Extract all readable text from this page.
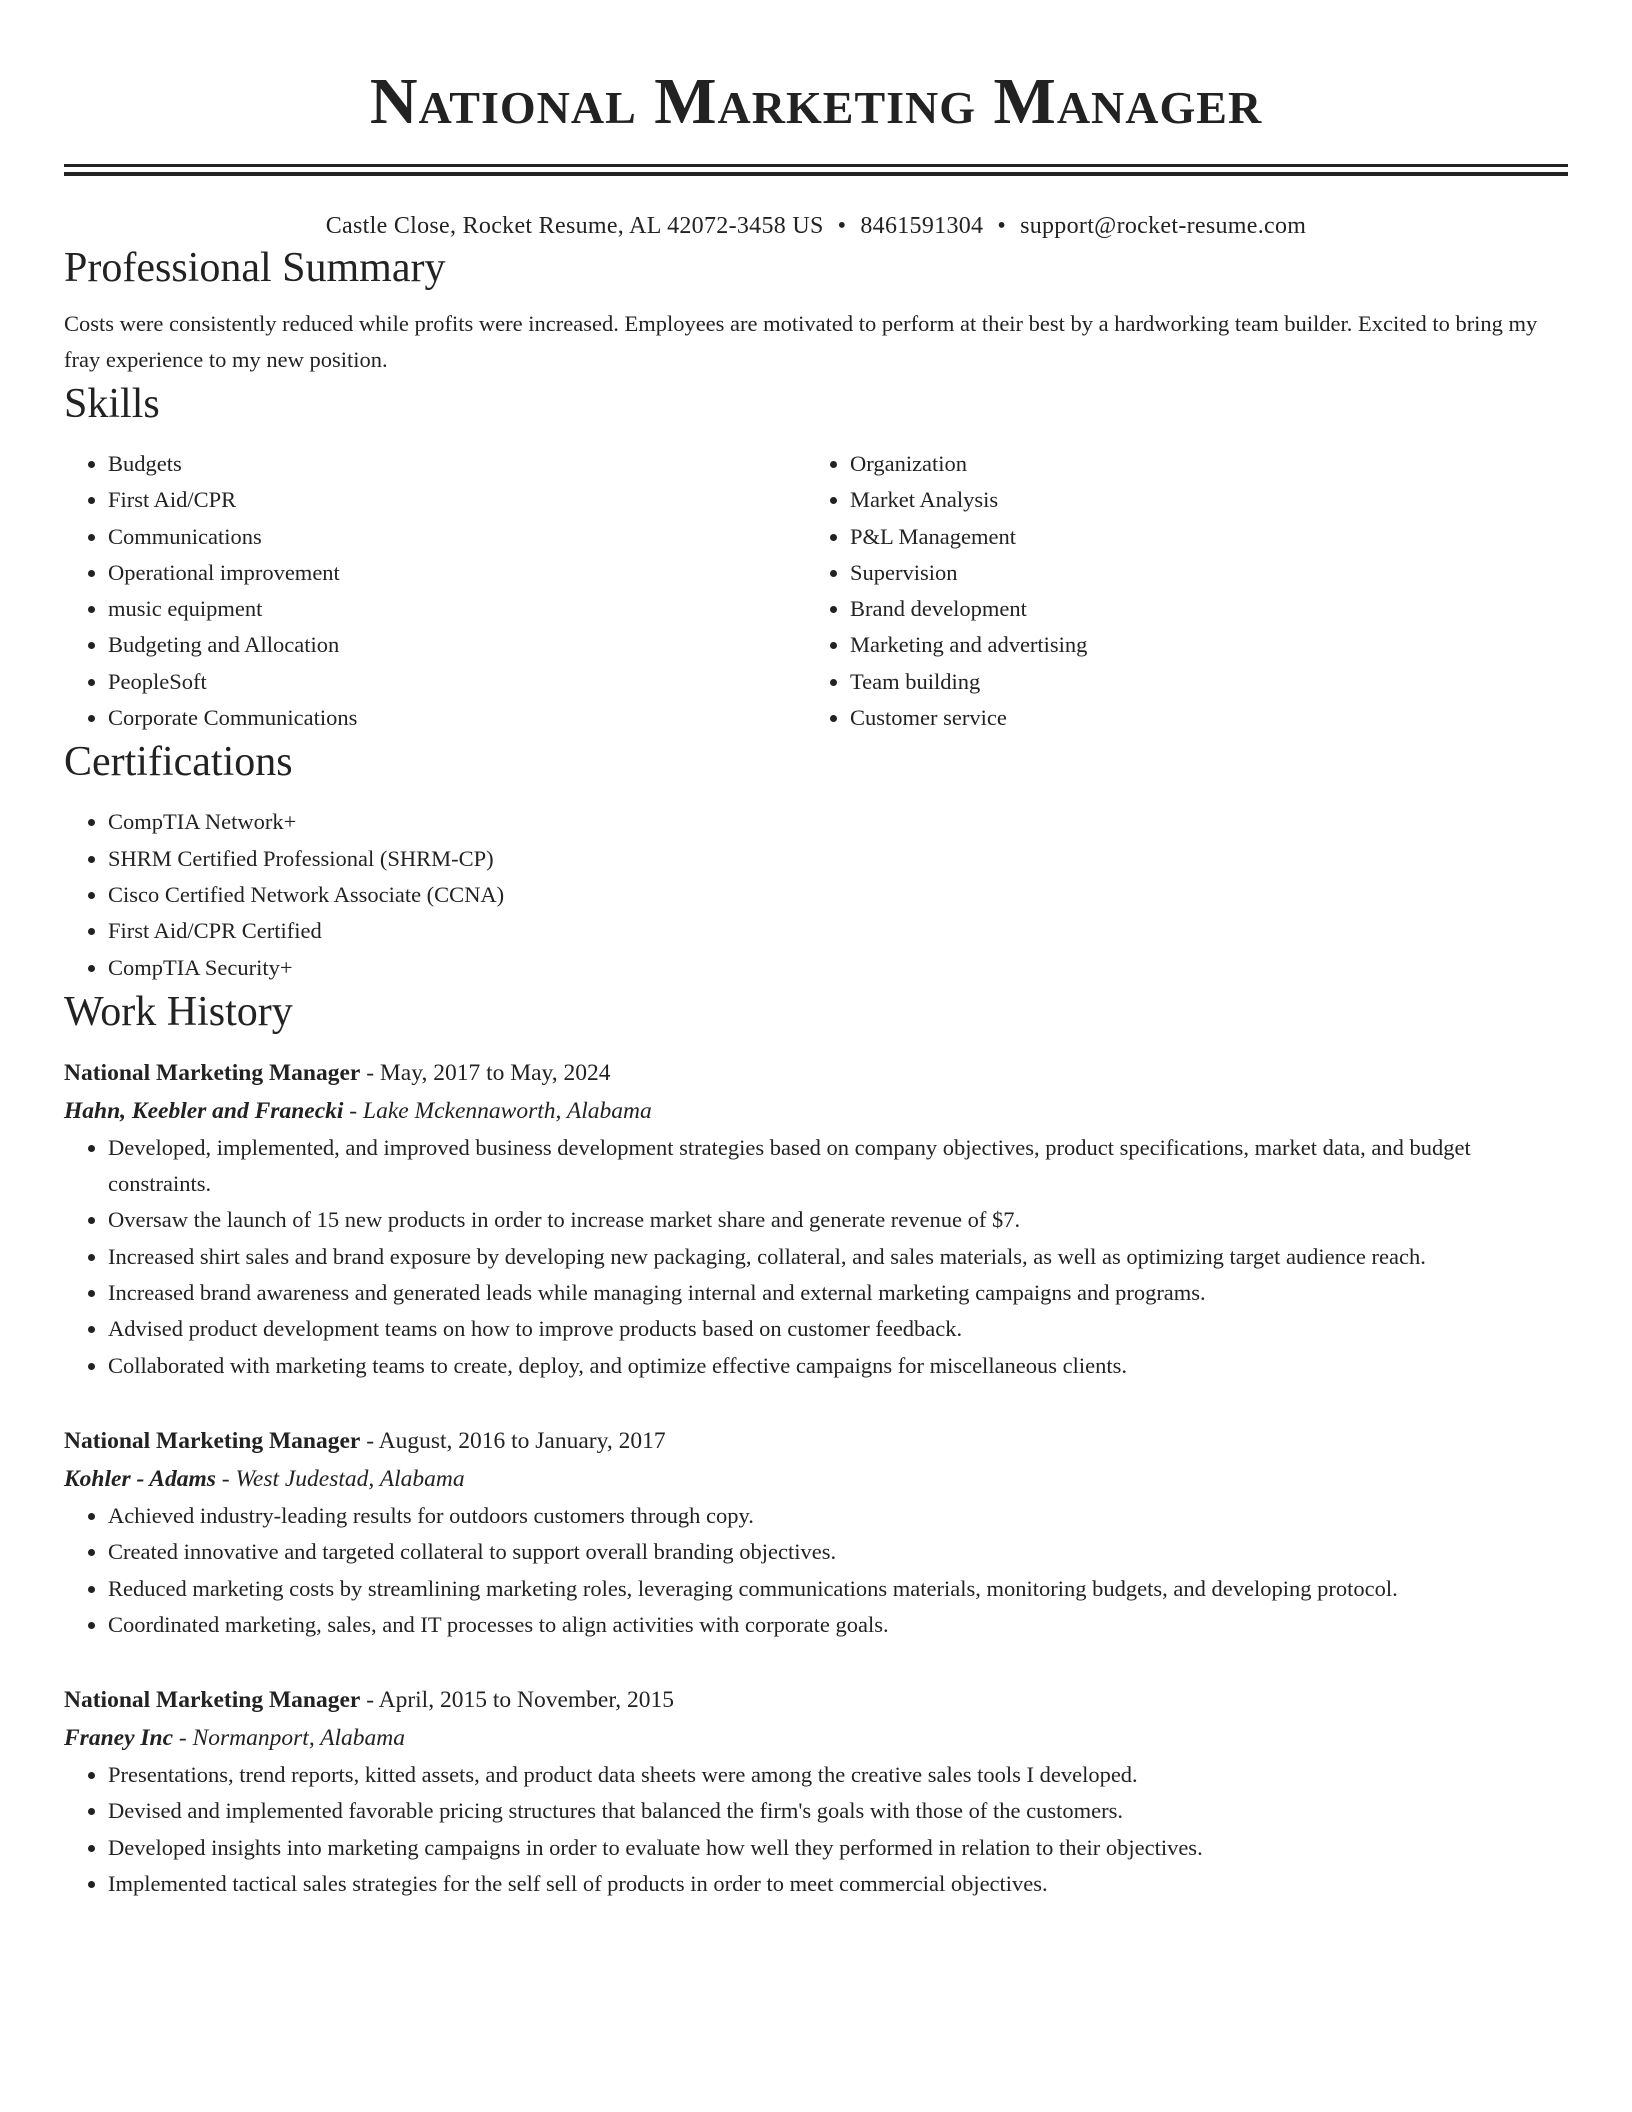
National Marketing Manager
Castle Close, Rocket Resume, AL 42072-3458 US • 8461591304 • support@rocket-resume.com
Professional Summary

Costs were consistently reduced while profits were increased. Employees are motivated to perform at their best by a hardworking team builder. Excited to bring my fray experience to my new position.

Skills
• Budgets
• First Aid/CPR
• Communications
• Operational improvement
• music equipment
• Budgeting and Allocation
• PeopleSoft
• Corporate Communications
• Organization
• Market Analysis
• P&L Management
• Supervision
• Brand development
• Marketing and advertising
• Team building
• Customer service
Certifications
• CompTIA Network+
• SHRM Certified Professional (SHRM-CP)
• Cisco Certified Network Associate (CCNA)
• First Aid/CPR Certified
• CompTIA Security+
Work History
National Marketing Manager - May, 2017 to May, 2024
Hahn, Keebler and Franecki - Lake Mckennaworth, Alabama
• Developed, implemented, and improved business development strategies based on company objectives, product specifications, market data, and budget constraints.
• Oversaw the launch of 15 new products in order to increase market share and generate revenue of $7.
• Increased shirt sales and brand exposure by developing new packaging, collateral, and sales materials, as well as optimizing target audience reach.
• Increased brand awareness and generated leads while managing internal and external marketing campaigns and programs.
• Advised product development teams on how to improve products based on customer feedback.
• Collaborated with marketing teams to create, deploy, and optimize effective campaigns for miscellaneous clients.
National Marketing Manager - August, 2016 to January, 2017
Kohler - Adams - West Judestad, Alabama
• Achieved industry-leading results for outdoors customers through copy.
• Created innovative and targeted collateral to support overall branding objectives.
• Reduced marketing costs by streamlining marketing roles, leveraging communications materials, monitoring budgets, and developing protocol.
• Coordinated marketing, sales, and IT processes to align activities with corporate goals.
National Marketing Manager - April, 2015 to November, 2015
Franey Inc - Normanport, Alabama
• Presentations, trend reports, kitted assets, and product data sheets were among the creative sales tools I developed.
• Devised and implemented favorable pricing structures that balanced the firm's goals with those of the customers.
• Developed insights into marketing campaigns in order to evaluate how well they performed in relation to their objectives.
• Implemented tactical sales strategies for the self sell of products in order to meet commercial objectives.
